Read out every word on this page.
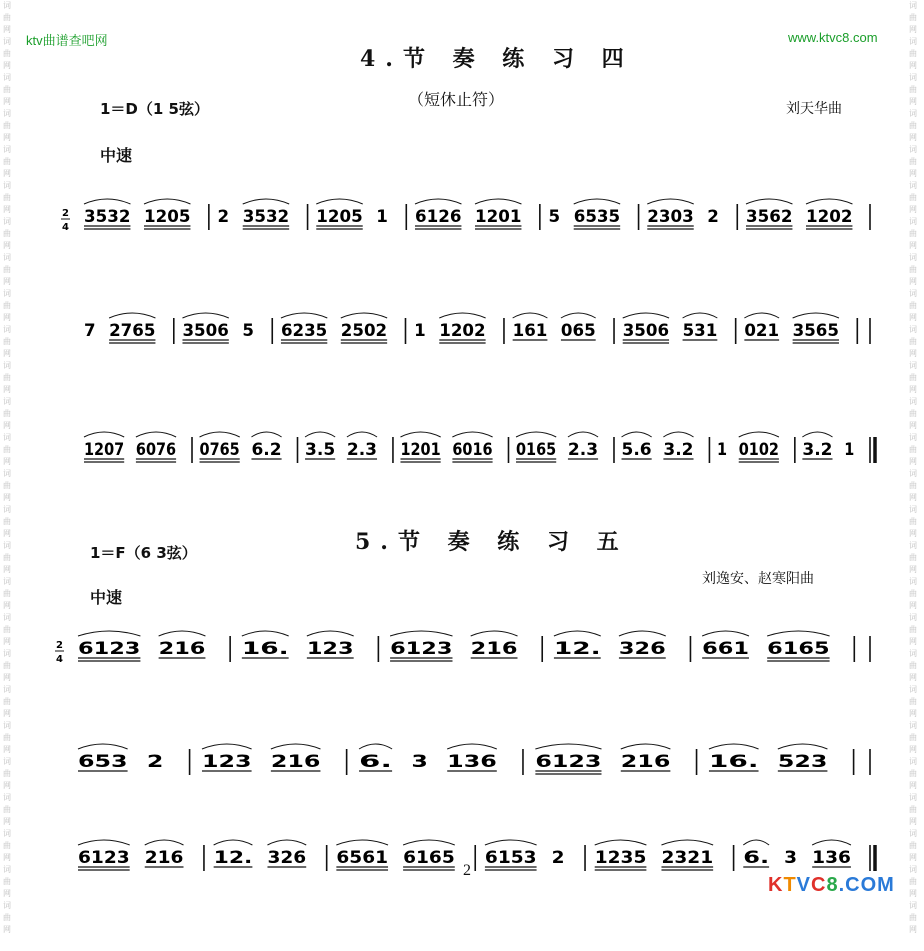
词曲网词曲网词曲网词曲网词曲网词曲网词曲网词曲网词曲网词曲网词曲网词曲网词曲网词曲网词曲网词曲网词曲网词曲网词曲网词曲网词曲网词曲网词曲网词曲网词曲网词曲网
词曲网词曲网词曲网词曲网词曲网词曲网词曲网词曲网词曲网词曲网词曲网词曲网词曲网词曲网词曲网词曲网词曲网词曲网词曲网词曲网词曲网词曲网词曲网词曲网词曲网词曲网
ktv曲谱查吧网	www.ktvc8.com
4.节 奏 练 习 四
（短休止符）
1＝D（1 5弦）	刘天华曲
中速
2
4
3532 1205 2 3532 1205 1 6126 1201 5 6535 2303 2 3562 1202
7 2765 3506 5 6235 2502 1 1202 161 065 3506 531 021 3565
1207 6076 0765 6.2 3.5 2.3 1201 6016 0165 2.3 5.6 3.2 1 0102 3.2 1
2
4
6123 216 16. 123 6123 216 12. 326 661 6165
653 2 123 216 6. 3 136 6123 216 16. 523
6123 216 12. 326 6561 6165 6153 2 1235 2321 6. 3 136
5.节 奏 练 习 五
1＝F（6 3弦）
刘逸安、赵寒阳曲
中速
2
KTVC8.COM
